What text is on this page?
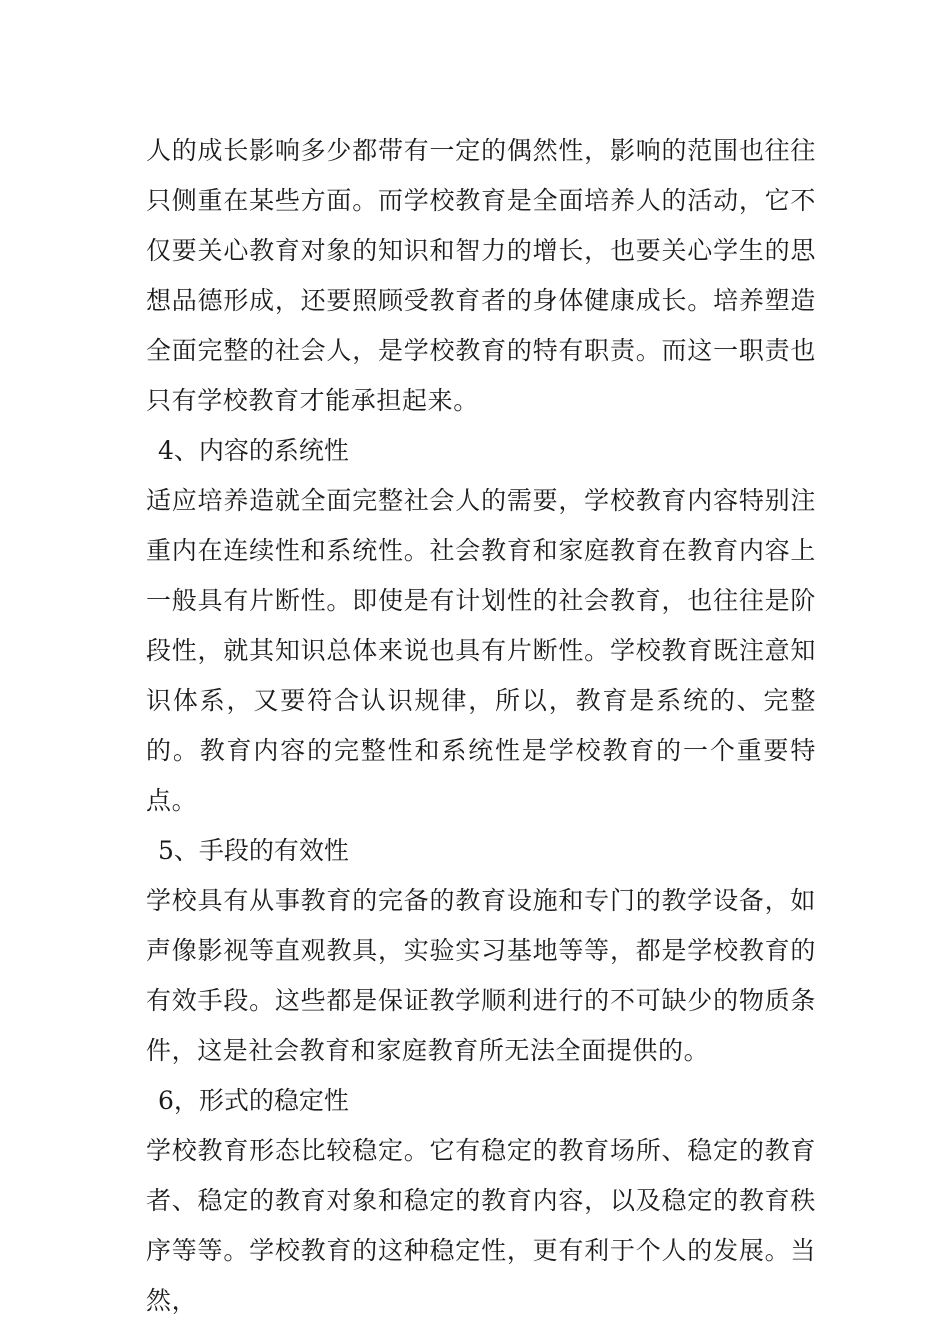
人的成长影响多少都带有一定的偶然性，影响的范围也往往只侧重在某些方面。而学校教育是全面培养人的活动，它不仅要关心教育对象的知识和智力的增长，也要关心学生的思想品德形成，还要照顾受教育者的身体健康成长。培养塑造全面完整的社会人，是学校教育的特有职责。而这一职责也只有学校教育才能承担起来。

4、内容的系统性

适应培养造就全面完整社会人的需要，学校教育内容特别注重内在连续性和系统性。社会教育和家庭教育在教育内容上一般具有片断性。即使是有计划性的社会教育，也往往是阶段性，就其知识总体来说也具有片断性。学校教育既注意知识体系，又要符合认识规律，所以，教育是系统的、完整的。教育内容的完整性和系统性是学校教育的一个重要特点。

5、手段的有效性

学校具有从事教育的完备的教育设施和专门的教学设备，如声像影视等直观教具，实验实习基地等等，都是学校教育的有效手段。这些都是保证教学顺利进行的不可缺少的物质条件，这是社会教育和家庭教育所无法全面提供的。

6，形式的稳定性

学校教育形态比较稳定。它有稳定的教育场所、稳定的教育者、稳定的教育对象和稳定的教育内容，以及稳定的教育秩序等等。学校教育的这种稳定性，更有利于个人的发展。当然，
